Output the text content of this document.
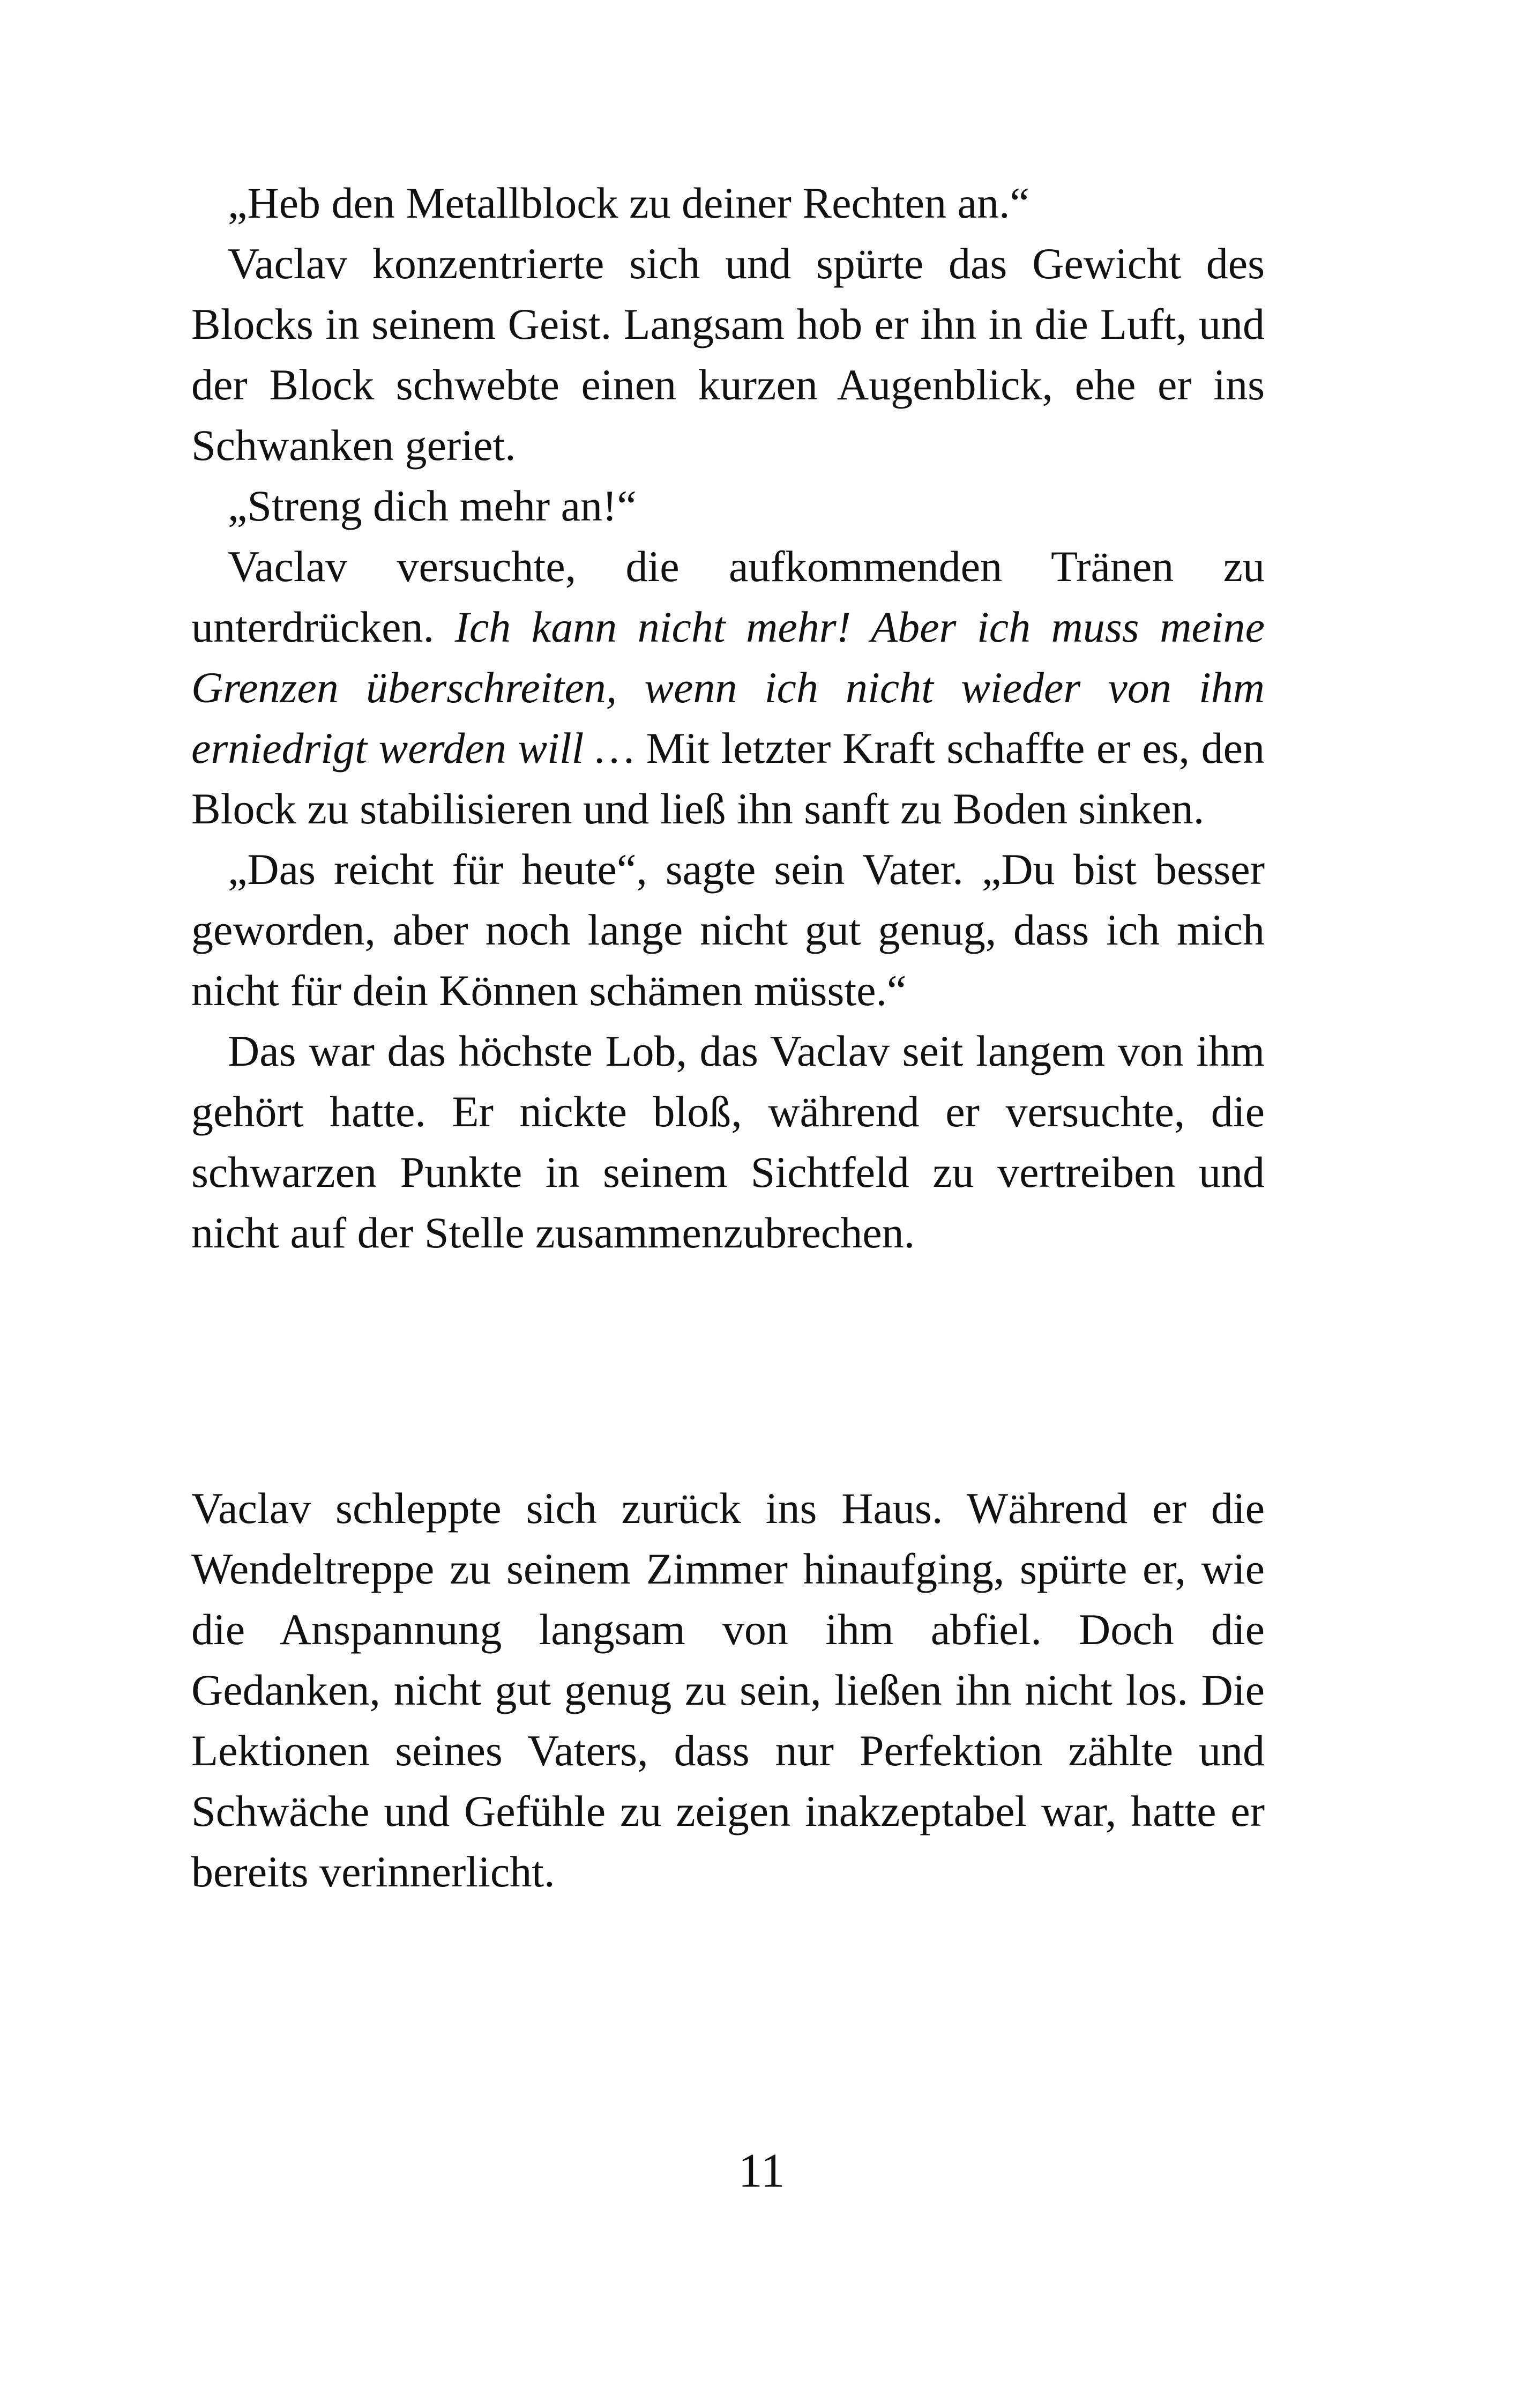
„Heb den Metallblock zu deiner Rechten an.“

Vaclav konzentrierte sich und spürte das Gewicht des Blocks in seinem Geist. Langsam hob er ihn in die Luft, und der Block schwebte einen kurzen Augenblick, ehe er ins Schwanken geriet.

„Streng dich mehr an!“

Vaclav versuchte, die aufkommenden Tränen zu unterdrücken. Ich kann nicht mehr! Aber ich muss meine Grenzen überschreiten, wenn ich nicht wieder von ihm erniedrigt werden will … Mit letzter Kraft schaffte er es, den Block zu stabilisieren und ließ ihn sanft zu Boden sinken.

„Das reicht für heute“, sagte sein Vater. „Du bist besser geworden, aber noch lange nicht gut genug, dass ich mich nicht für dein Können schämen müsste.“

Das war das höchste Lob, das Vaclav seit langem von ihm gehört hatte. Er nickte bloß, während er versuchte, die schwarzen Punkte in seinem Sichtfeld zu vertreiben und nicht auf der Stelle zusammenzubrechen.

Vaclav schleppte sich zurück ins Haus. Während er die Wendeltreppe zu seinem Zimmer hinaufging, spürte er, wie die Anspannung langsam von ihm abfiel. Doch die Gedanken, nicht gut genug zu sein, ließen ihn nicht los. Die Lektionen seines Vaters, dass nur Perfektion zählte und Schwäche und Gefühle zu zeigen inakzeptabel war, hatte er bereits verinnerlicht.

11
